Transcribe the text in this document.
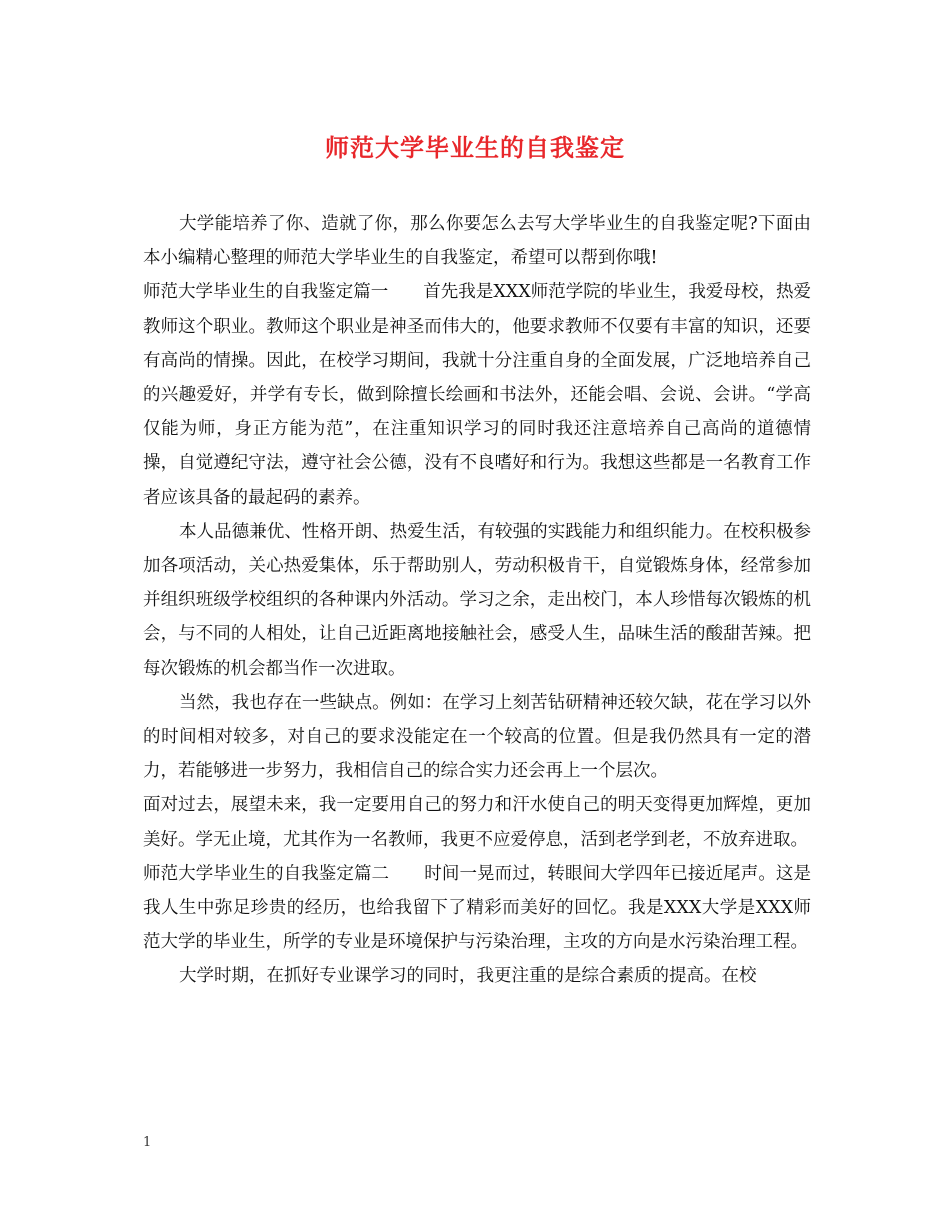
师范大学毕业生的自我鉴定

大学能培养了你、造就了你，那么你要怎么去写大学毕业生的自我鉴定呢?下面由本小编精心整理的师范大学毕业生的自我鉴定，希望可以帮到你哦!

师范大学毕业生的自我鉴定篇一　　首先我是XXX师范学院的毕业生，我爱母校，热爱教师这个职业。教师这个职业是神圣而伟大的，他要求教师不仅要有丰富的知识，还要有高尚的情操。因此，在校学习期间，我就十分注重自身的全面发展，广泛地培养自己的兴趣爱好，并学有专长，做到除擅长绘画和书法外，还能会唱、会说、会讲。“学高仅能为师，身正方能为范”，在注重知识学习的同时我还注意培养自己高尚的道德情操，自觉遵纪守法，遵守社会公德，没有不良嗜好和行为。我想这些都是一名教育工作者应该具备的最起码的素养。

本人品德兼优、性格开朗、热爱生活，有较强的实践能力和组织能力。在校积极参加各项活动，关心热爱集体，乐于帮助别人，劳动积极肯干，自觉锻炼身体，经常参加并组织班级学校组织的各种课内外活动。学习之余，走出校门，本人珍惜每次锻炼的机会，与不同的人相处，让自己近距离地接触社会，感受人生，品味生活的酸甜苦辣。把每次锻炼的机会都当作一次进取。

当然，我也存在一些缺点。例如：在学习上刻苦钻研精神还较欠缺，花在学习以外的时间相对较多，对自己的要求没能定在一个较高的位置。但是我仍然具有一定的潜力，若能够进一步努力，我相信自己的综合实力还会再上一个层次。

面对过去，展望未来，我一定要用自己的努力和汗水使自己的明天变得更加辉煌，更加美好。学无止境，尤其作为一名教师，我更不应爱停息，活到老学到老，不放弃进取。

师范大学毕业生的自我鉴定篇二　　时间一晃而过，转眼间大学四年已接近尾声。这是我人生中弥足珍贵的经历，也给我留下了精彩而美好的回忆。我是XXX大学是XXX师范大学的毕业生，所学的专业是环境保护与污染治理，主攻的方向是水污染治理工程。

大学时期，在抓好专业课学习的同时，我更注重的是综合素质的提高。在校

1
